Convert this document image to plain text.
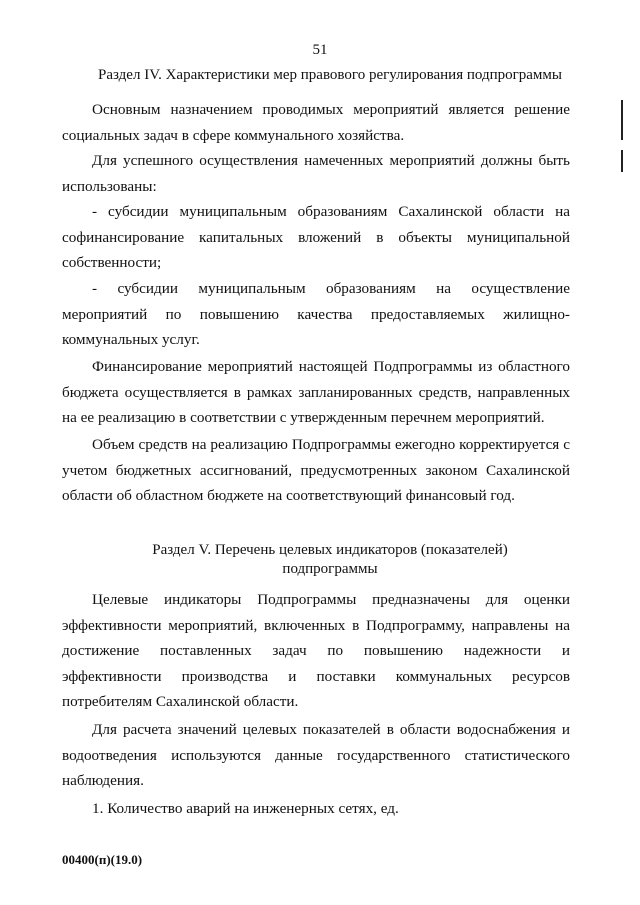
51
Раздел IV. Характеристики мер правового регулирования подпрограммы

Основным назначением проводимых мероприятий является решение социальных задач в сфере коммунального хозяйства.

Для успешного осуществления намеченных мероприятий должны быть использованы:

- субсидии муниципальным образованиям Сахалинской области на софинансирование капитальных вложений в объекты муниципальной собственности;

- субсидии муниципальным образованиям на осуществление мероприятий по повышению качества предоставляемых жилищно-коммунальных услуг.

Финансирование мероприятий настоящей Подпрограммы из областного бюджета осуществляется в рамках запланированных средств, направленных на ее реализацию в соответствии с утвержденным перечнем мероприятий.

Объем средств на реализацию Подпрограммы ежегодно корректируется с учетом бюджетных ассигнований, предусмотренных законом Сахалинской области об областном бюджете на соответствующий финансовый год.

Раздел V. Перечень целевых индикаторов (показателей)
подпрограммы

Целевые индикаторы Подпрограммы предназначены для оценки эффективности мероприятий, включенных в Подпрограмму, направлены на достижение поставленных задач по повышению надежности и эффективности производства и поставки коммунальных ресурсов потребителям Сахалинской области.

Для расчета значений целевых показателей в области водоснабжения и водоотведения используются данные государственного статистического наблюдения.

1. Количество аварий на инженерных сетях, ед.

00400(п)(19.0)
